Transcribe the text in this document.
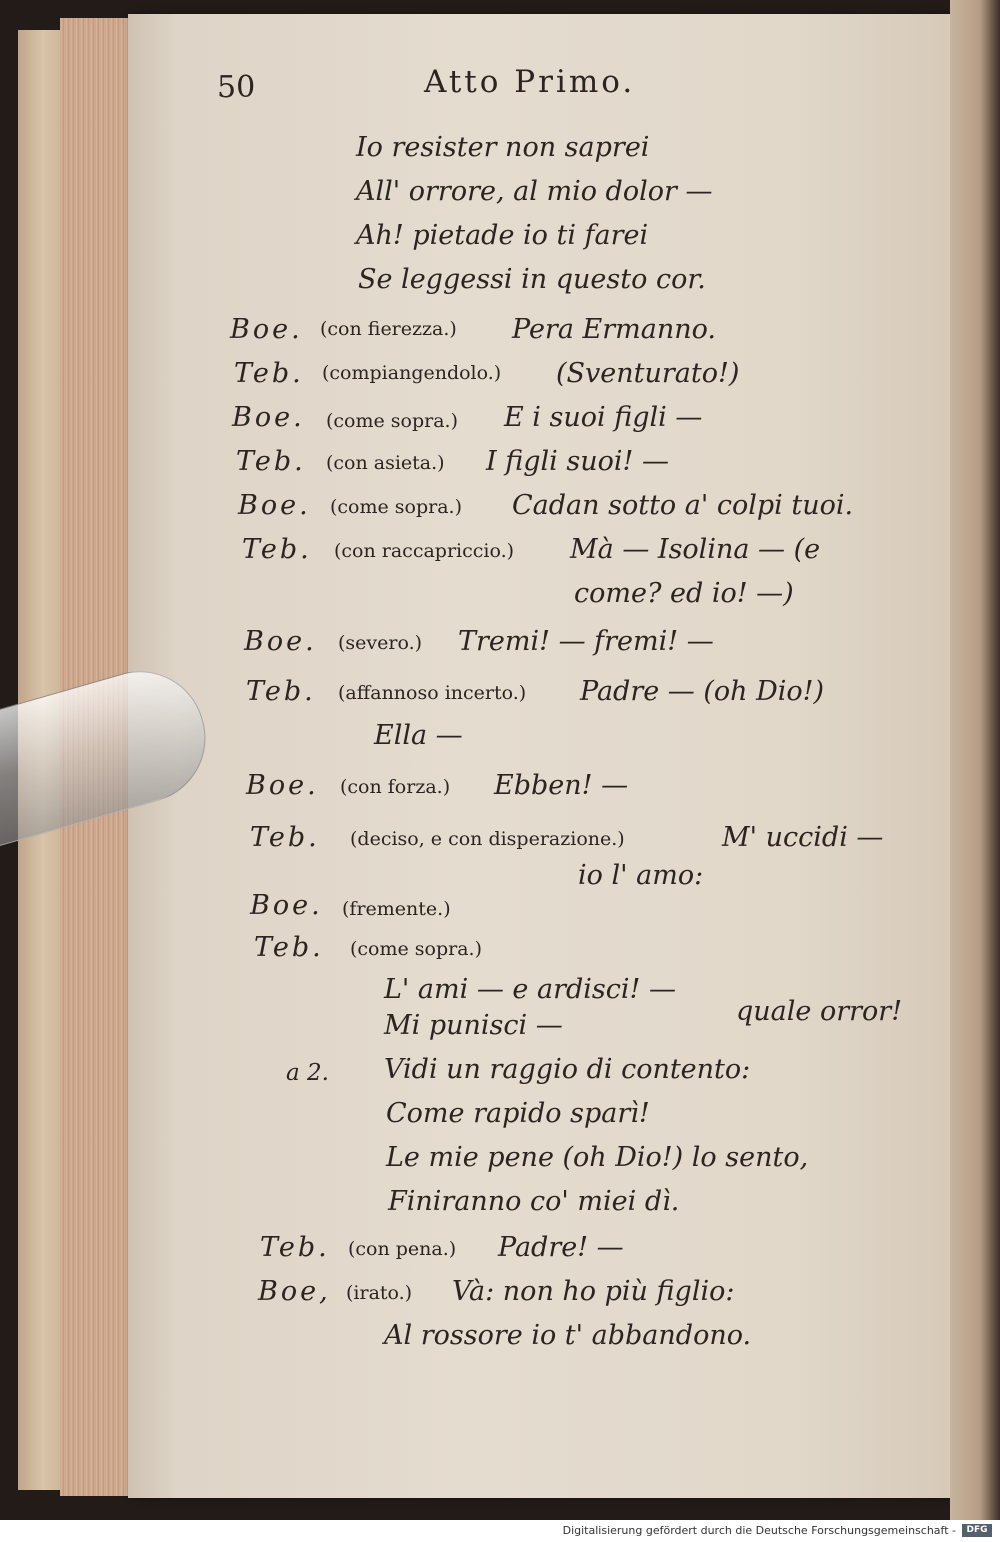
50	Atto Primo.
Io resister non saprei
All' orrore, al mio dolor —
Ah! pietade io ti farei
Se leggessi in questo cor.
Boe. (con fierezza.) Pera Ermanno.
Teb. (compiangendolo.) (Sventurato!)
Boe. (come sopra.) E i suoi figli —
Teb. (con asieta.) I figli suoi! —
Boe. (come sopra.) Cadan sotto a' colpi tuoi.
Teb. (con raccapriccio.) Mà — Isolina — (e
come? ed io! —)
Boe. (severo.) Tremi! — fremi! —
Teb. (affannoso incerto.) Padre — (oh Dio!)
Ella —
Boe. (con forza.) Ebben! —
Teb. (deciso, e con disperazione.)	M' uccidi —
io l' amo:
Boe. (fremente.)
Teb. (come sopra.)
L' ami — e ardisci! —
Mi punisci —	quale orror!
a 2. Vidi un raggio di contento:
Come rapido sparì!
Le mie pene (oh Dio!) lo sento,
Finiranno co' miei dì.
Teb. (con pena.) Padre! —
Boe, (irato.) Và: non ho più figlio:
Al rossore io t' abbandono.
Digitalisierung gefördert durch die Deutsche Forschungsgemeinschaft -	DFG
